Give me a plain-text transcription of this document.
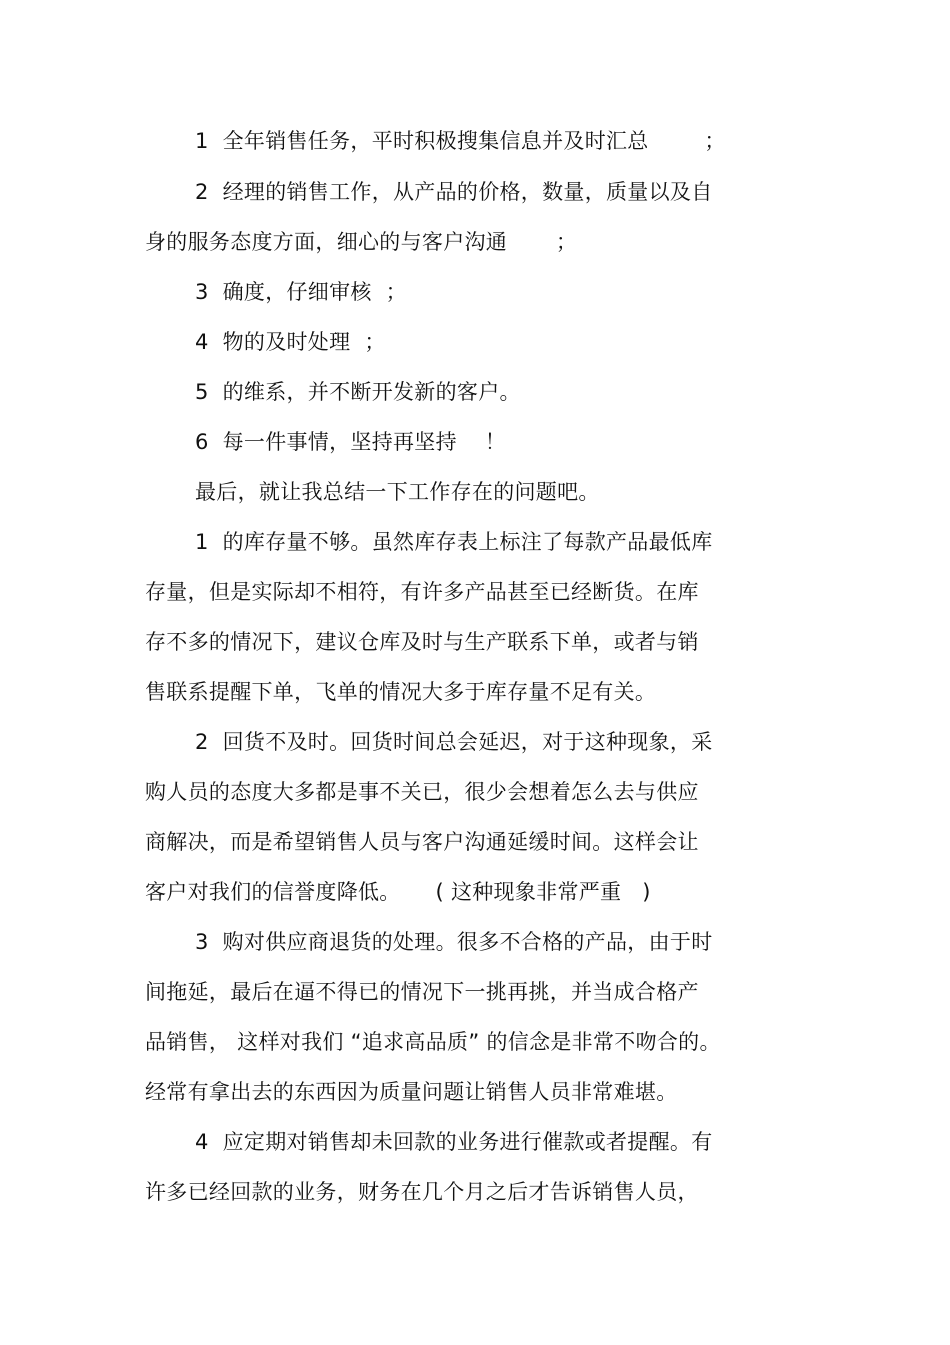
1  全年销售任务，平时积极搜集信息并及时汇总        ；
2  经理的销售工作，从产品的价格，数量，质量以及自
身的服务态度方面，细心的与客户沟通       ；
3  确度，仔细审核  ；
4  物的及时处理  ；
5  的维系，并不断开发新的客户。
6  每一件事情，坚持再坚持    ！
最后，就让我总结一下工作存在的问题吧。
1  的库存量不够。虽然库存表上标注了每款产品最低库
存量，但是实际却不相符，有许多产品甚至已经断货。在库
存不多的情况下，建议仓库及时与生产联系下单，或者与销
售联系提醒下单，飞单的情况大多于库存量不足有关。
2  回货不及时。回货时间总会延迟，对于这种现象，采
购人员的态度大多都是事不关已，很少会想着怎么去与供应
商解决，而是希望销售人员与客户沟通延缓时间。这样会让
客户对我们的信誉度降低。     ( 这种现象非常严重   )
3  购对供应商退货的处理。很多不合格的产品，由于时
间拖延，最后在逼不得已的情况下一挑再挑，并当成合格产
品销售， 这样对我们 “追求高品质” 的信念是非常不吻合的。
经常有拿出去的东西因为质量问题让销售人员非常难堪。
4  应定期对销售却未回款的业务进行催款或者提醒。有
许多已经回款的业务，财务在几个月之后才告诉销售人员，
